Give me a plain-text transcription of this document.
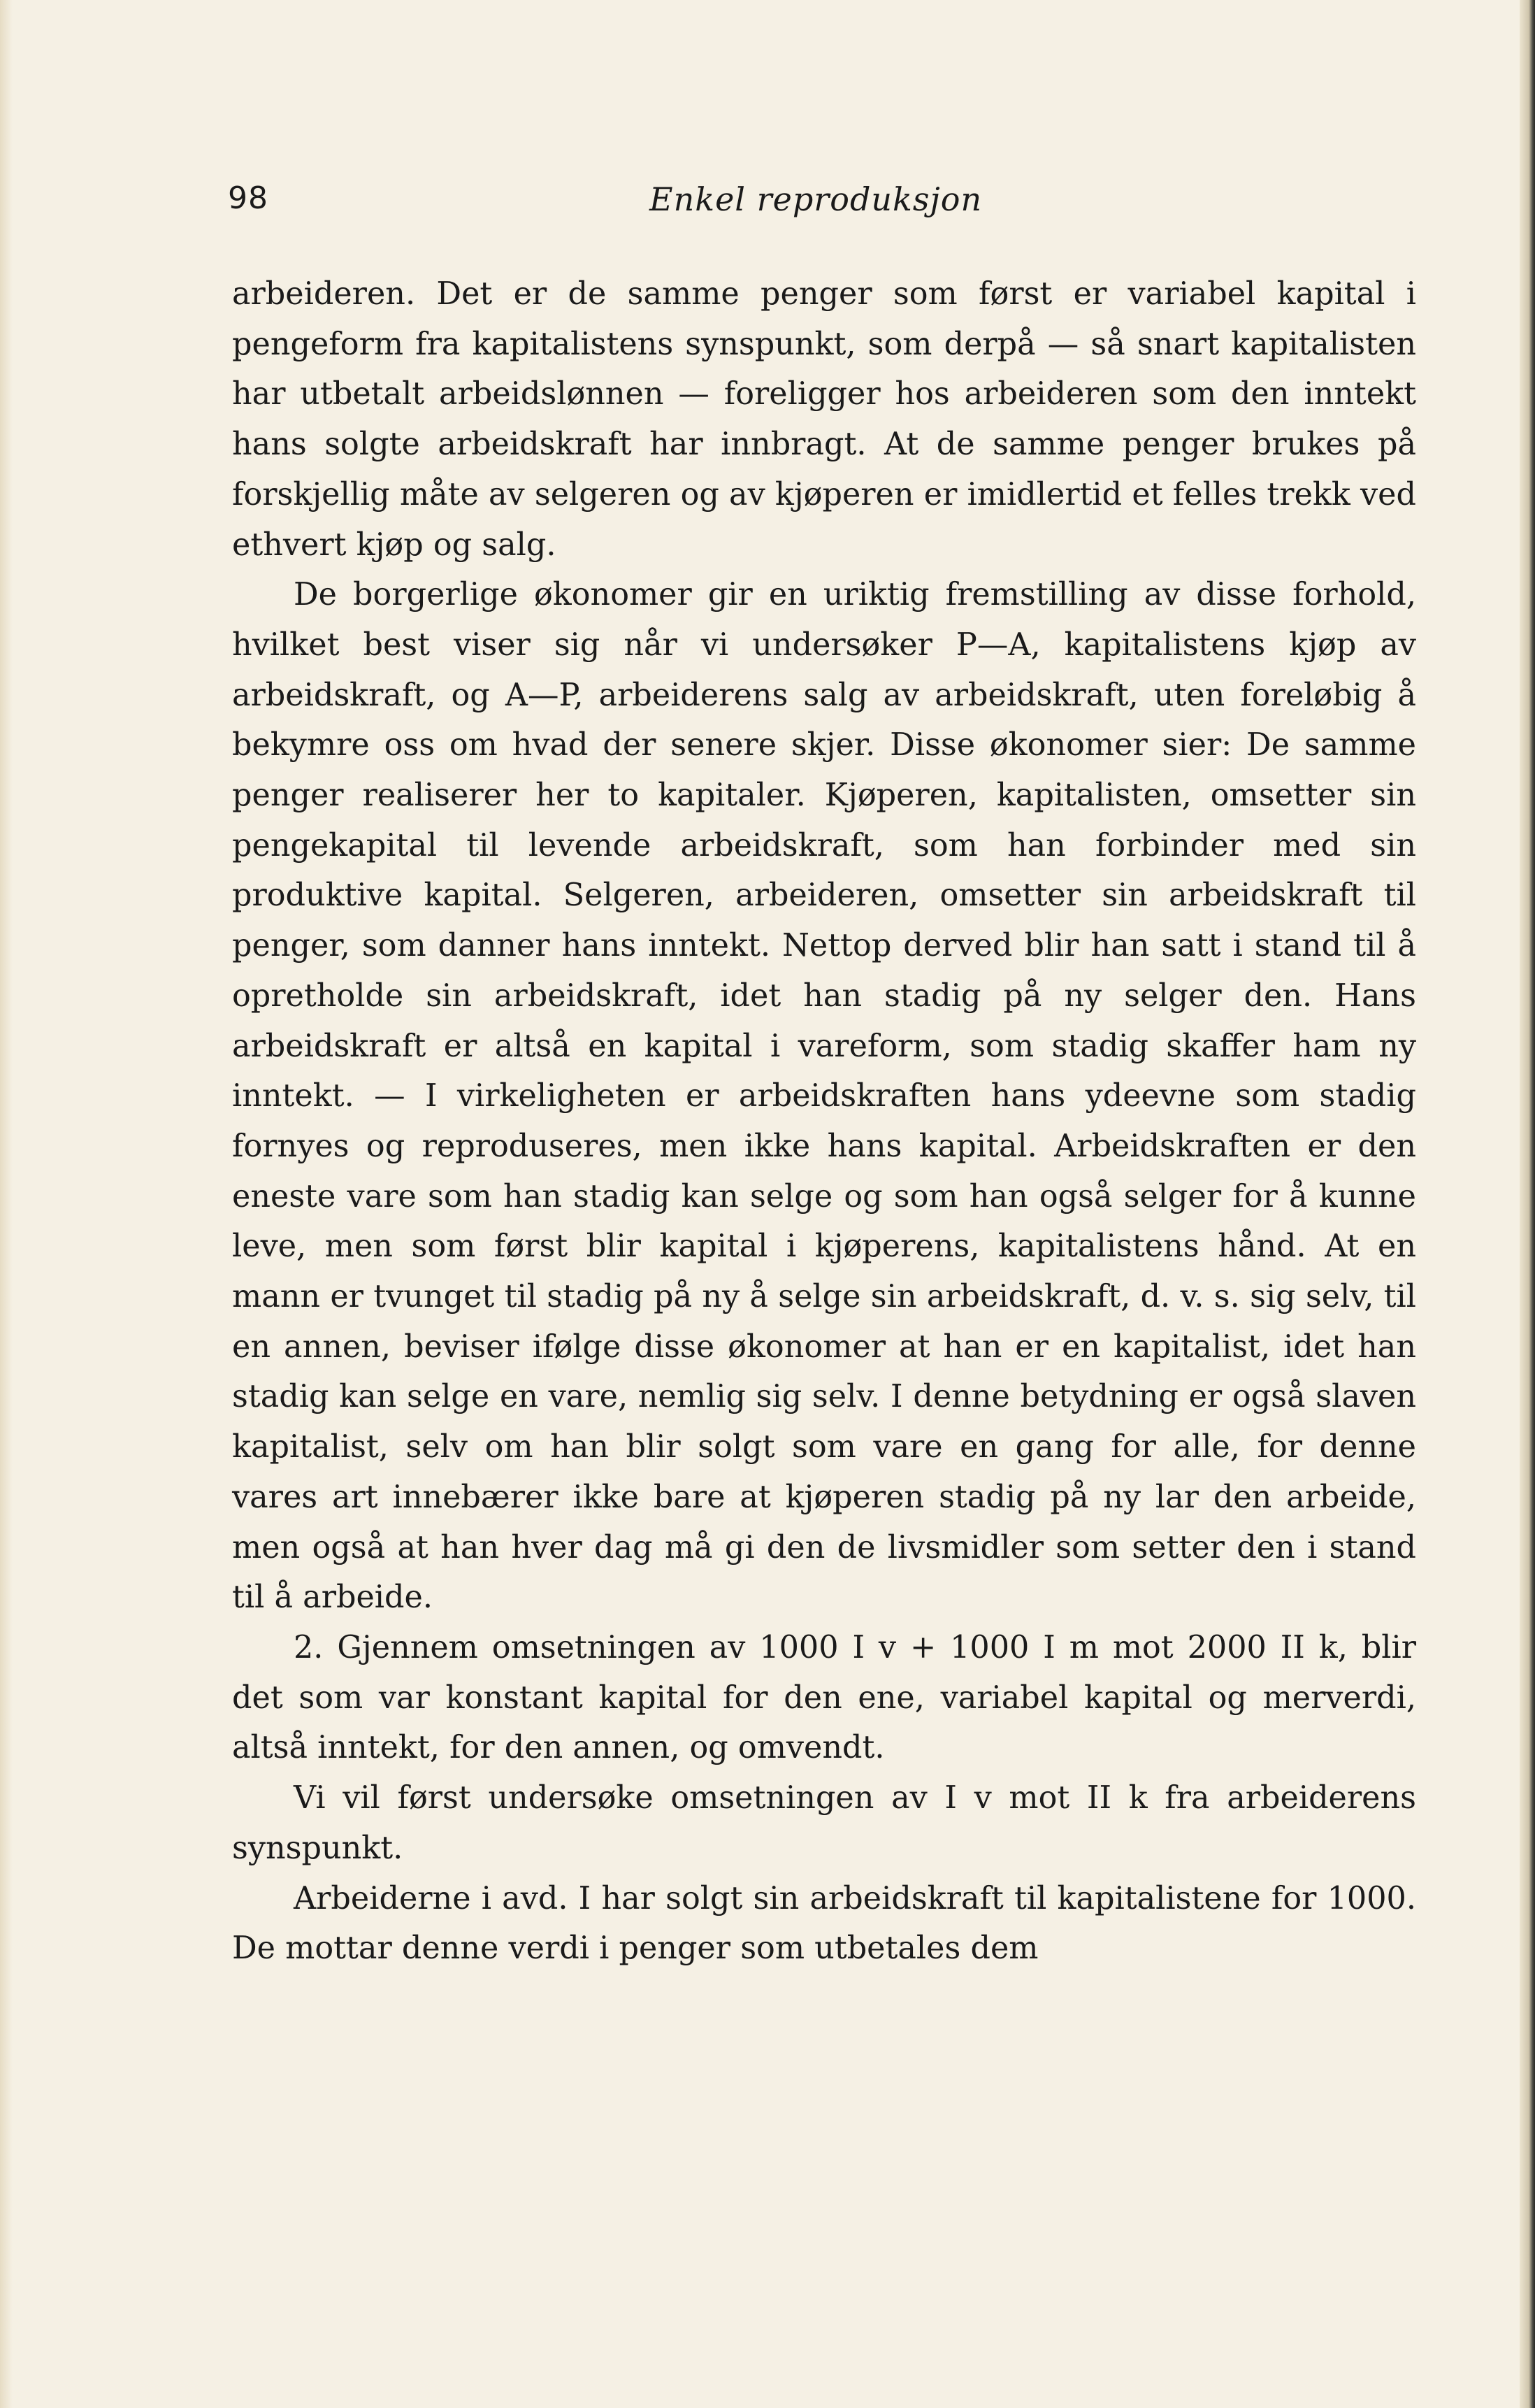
98	Enkel reproduksjon

arbeideren. Det er de samme penger som først er variabel kapital i pengeform fra kapitalistens synspunkt, som derpå — så snart kapitalisten har utbetalt arbeidslønnen — foreligger hos arbeideren som den inntekt hans solgte arbeidskraft har innbragt. At de samme penger brukes på forskjellig måte av selgeren og av kjøperen er imidlertid et felles trekk ved ethvert kjøp og salg.

De borgerlige økonomer gir en uriktig fremstilling av disse forhold, hvilket best viser sig når vi undersøker P—A, kapitalistens kjøp av arbeidskraft, og A—P, arbeiderens salg av arbeidskraft, uten foreløbig å bekymre oss om hvad der senere skjer. Disse økonomer sier: De samme penger realiserer her to kapitaler. Kjøperen, kapitalisten, omsetter sin pengekapital til levende arbeidskraft, som han forbinder med sin produktive kapital. Selgeren, arbeideren, omsetter sin arbeidskraft til penger, som danner hans inntekt. Nettop derved blir han satt i stand til å opretholde sin arbeidskraft, idet han stadig på ny selger den. Hans arbeidskraft er altså en kapital i vareform, som stadig skaffer ham ny inntekt. — I virkeligheten er arbeidskraften hans ydeevne som stadig fornyes og reproduseres, men ikke hans kapital. Arbeidskraften er den eneste vare som han stadig kan selge og som han også selger for å kunne leve, men som først blir kapital i kjøperens, kapitalistens hånd. At en mann er tvunget til stadig på ny å selge sin arbeidskraft, d. v. s. sig selv, til en annen, beviser ifølge disse økonomer at han er en kapitalist, idet han stadig kan selge en vare, nemlig sig selv. I denne betydning er også slaven kapitalist, selv om han blir solgt som vare en gang for alle, for denne vares art innebærer ikke bare at kjøperen stadig på ny lar den arbeide, men også at han hver dag må gi den de livsmidler som setter den i stand til å arbeide.

2. Gjennem omsetningen av 1000 I v + 1000 I m mot 2000 II k, blir det som var konstant kapital for den ene, variabel kapital og merverdi, altså inntekt, for den annen, og omvendt.

Vi vil først undersøke omsetningen av I v mot II k fra arbeiderens synspunkt.

Arbeiderne i avd. I har solgt sin arbeidskraft til kapitalistene for 1000. De mottar denne verdi i penger som utbetales dem
